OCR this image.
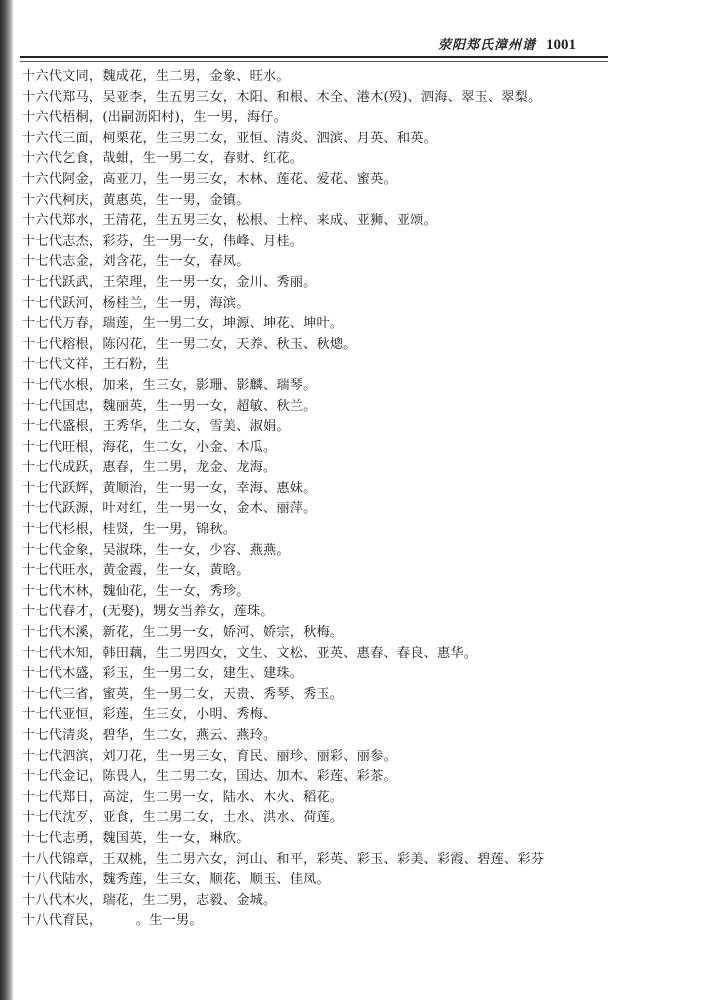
荥阳郑氏漳州谱 1001
十六代文同，魏成花，生二男，金象、旺水。
十六代郑马，吴亚李，生五男三女，木阳、和根、木全、港木(殁)、泗海、翠玉、翠梨。
十六代梧桐，(出嗣沥阳村)，生一男，海仔。
十六代三面，柯栗花，生三男二女，亚恒、清炎、泗滨、月英、和英。
十六代乞食，哉蚶，生一男二女，春财、红花。
十六代阿金，高亚刀，生一男三女，木林、莲花、爱花、蜜英。
十六代柯庆，黄惠英，生一男，金镇。
十六代郑水，王清花，生五男三女，松根、土梓、来成、亚狮、亚颂。
十七代志杰，彩芬，生一男一女，伟峰、月桂。
十七代志金，刘含花，生一女，春凤。
十七代跃武，王荣理，生一男一女，金川、秀丽。
十七代跃河，杨桂兰，生一男，海滨。
十七代万春，瑞莲，生一男二女，坤源、坤花、坤叶。
十七代榕根，陈闪花，生一男二女，天养、秋玉、秋熜。
十七代文祥，王石粉，生
十七代水根，加来，生三女，影珊、影麟、瑞琴。
十七代国忠，魏丽英，生一男一女，超敏、秋兰。
十七代盛根，王秀华，生二女，雪美、淑娟。
十七代旺根，海花，生二女，小金、木瓜。
十七代成跃，惠春，生二男，龙金、龙海。
十七代跃辉，黄顺治，生一男一女，幸海、惠妹。
十七代跃源，叶对红，生一男一女，金木、丽萍。
十七代杉根，桂贤，生一男，锦秋。
十七代金象，吴淑珠，生一女，少容、燕燕。
十七代旺水，黄金霞，生一女，黄晗。
十七代木林，魏仙花，生一女，秀珍。
十七代春才，(无娶)，甥女当养女，莲珠。
十七代木溪，新花，生二男一女，娇河、娇宗，秋梅。
十七代木知，韩田藕，生二男四女，文生、文松、亚英、惠春、春良、惠华。
十七代木盛，彩玉，生一男二女，建生、建珠。
十七代三省，蜜英，生一男二女，天贵、秀琴、秀玉。
十七代亚恒，彩莲，生三女，小明、秀梅、
十七代清炎，碧华，生二女，燕云、燕玲。
十七代泗滨，刘刀花，生一男三女，育民、丽珍、丽彩、丽参。
十七代金记，陈畏人，生二男二女，国达、加木、彩莲、彩茶。
十七代郑日，高淀，生二男一女，陆水、木火、稻花。
十七代沈歹，亚食，生二男二女，土水、洪水、荷莲。
十七代志勇，魏国英，生一女，琳欣。
十八代锦章，王双桃，生二男六女，河山、和平，彩英、彩玉、彩美、彩霞、碧莲、彩芬
十八代陆水，魏秀莲，生三女，顺花、顺玉、佳凤。
十八代木火，瑞花，生二男，志毅、金城。
十八代育民，　　　。生一男。
